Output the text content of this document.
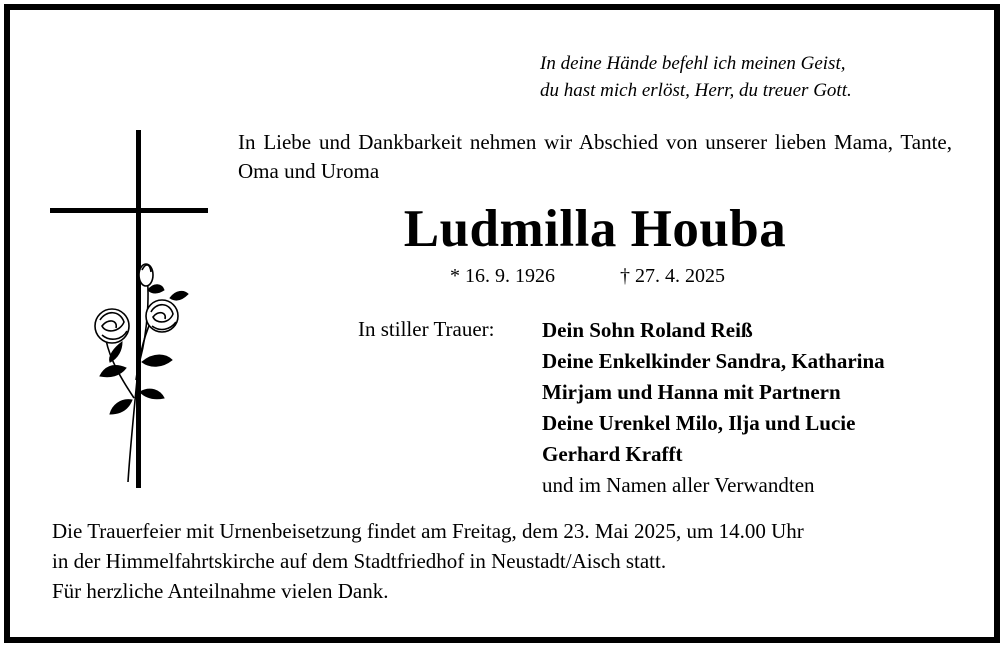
In deine Hände befehl ich meinen Geist,
du hast mich erlöst, Herr, du treuer Gott.

In Liebe und Dankbarkeit nehmen wir Abschied von unserer lieben Mama, Tante, Oma und Uroma

Ludmilla Houba
* 16. 9. 1926	† 27. 4. 2025
In stiller Trauer: Dein Sohn Roland Reiß
Deine Enkelkinder Sandra, Katharina
Mirjam und Hanna mit Partnern
Deine Urenkel Milo, Ilja und Lucie
Gerhard Krafft
und im Namen aller Verwandten
Die Trauerfeier mit Urnenbeisetzung findet am Freitag, dem 23. Mai 2025, um 14.00 Uhr
in der Himmelfahrtskirche auf dem Stadtfriedhof in Neustadt/Aisch statt.
Für herzliche Anteilnahme vielen Dank.
